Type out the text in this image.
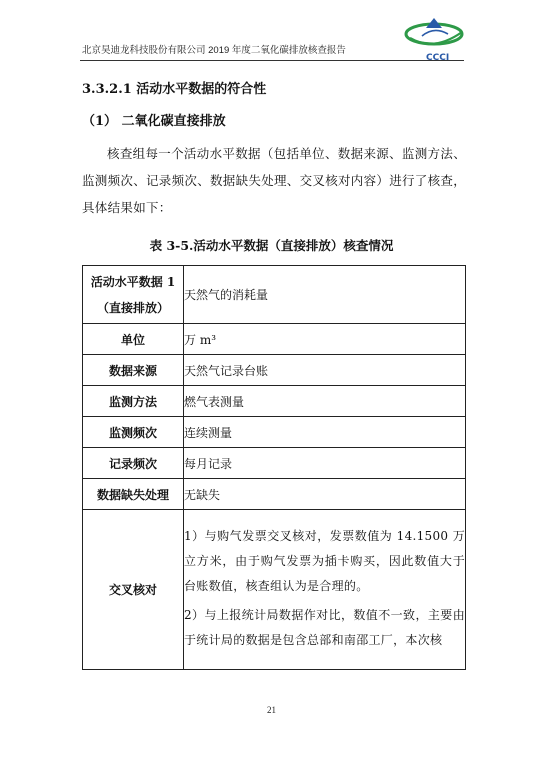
北京昊迪龙科技股份有限公司 2019 年度二氧化碳排放核查报告
CCCI
3.3.2.1 活动水平数据的符合性
（1） 二氧化碳直接排放
核查组每一个活动水平数据（包括单位、数据来源、监测方法、监测频次、记录频次、数据缺失处理、交叉核对内容）进行了核查，具体结果如下：
表 3-5.活动水平数据（直接排放）核查情况
活动水平数据 1
（直接排放）	天然气的消耗量
单位	万 m³
数据来源	天然气记录台账
监测方法	燃气表测量
监测频次	连续测量
记录频次	每月记录
数据缺失处理	无缺失
交叉核对	1）与购气发票交叉核对，发票数值为 14.1500 万立方米，由于购气发票为插卡购买，因此数值大于台账数值，核查组认为是合理的。
2）与上报统计局数据作对比，数值不一致，主要由于统计局的数据是包含总部和南邵工厂，本次核
21
